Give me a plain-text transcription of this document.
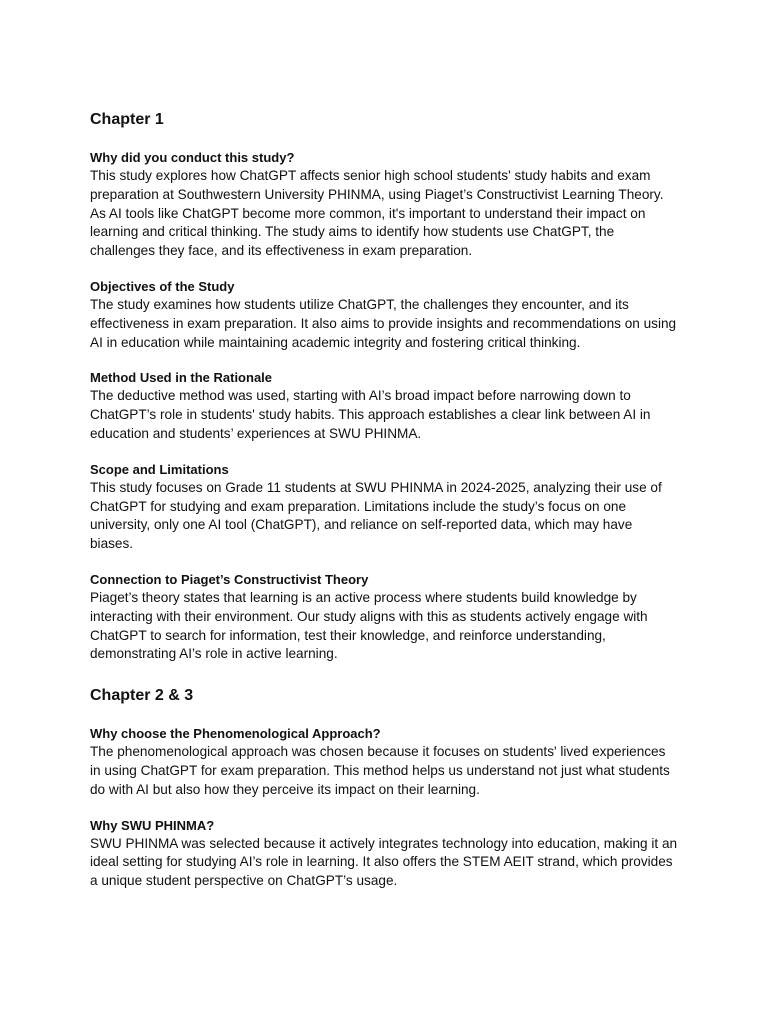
Chapter 1

Why did you conduct this study?

This study explores how ChatGPT affects senior high school students' study habits and exam preparation at Southwestern University PHINMA, using Piaget’s Constructivist Learning Theory. As AI tools like ChatGPT become more common, it's important to understand their impact on learning and critical thinking. The study aims to identify how students use ChatGPT, the challenges they face, and its effectiveness in exam preparation.

Objectives of the Study

The study examines how students utilize ChatGPT, the challenges they encounter, and its effectiveness in exam preparation. It also aims to provide insights and recommendations on using AI in education while maintaining academic integrity and fostering critical thinking.

Method Used in the Rationale

The deductive method was used, starting with AI’s broad impact before narrowing down to ChatGPT’s role in students' study habits. This approach establishes a clear link between AI in education and students’ experiences at SWU PHINMA.

Scope and Limitations

This study focuses on Grade 11 students at SWU PHINMA in 2024-2025, analyzing their use of ChatGPT for studying and exam preparation. Limitations include the study’s focus on one university, only one AI tool (ChatGPT), and reliance on self-reported data, which may have biases.

Connection to Piaget’s Constructivist Theory

Piaget’s theory states that learning is an active process where students build knowledge by interacting with their environment. Our study aligns with this as students actively engage with ChatGPT to search for information, test their knowledge, and reinforce understanding, demonstrating AI’s role in active learning.

Chapter 2 & 3

Why choose the Phenomenological Approach?

The phenomenological approach was chosen because it focuses on students' lived experiences in using ChatGPT for exam preparation. This method helps us understand not just what students do with AI but also how they perceive its impact on their learning.

Why SWU PHINMA?

SWU PHINMA was selected because it actively integrates technology into education, making it an ideal setting for studying AI’s role in learning. It also offers the STEM AEIT strand, which provides a unique student perspective on ChatGPT’s usage.
